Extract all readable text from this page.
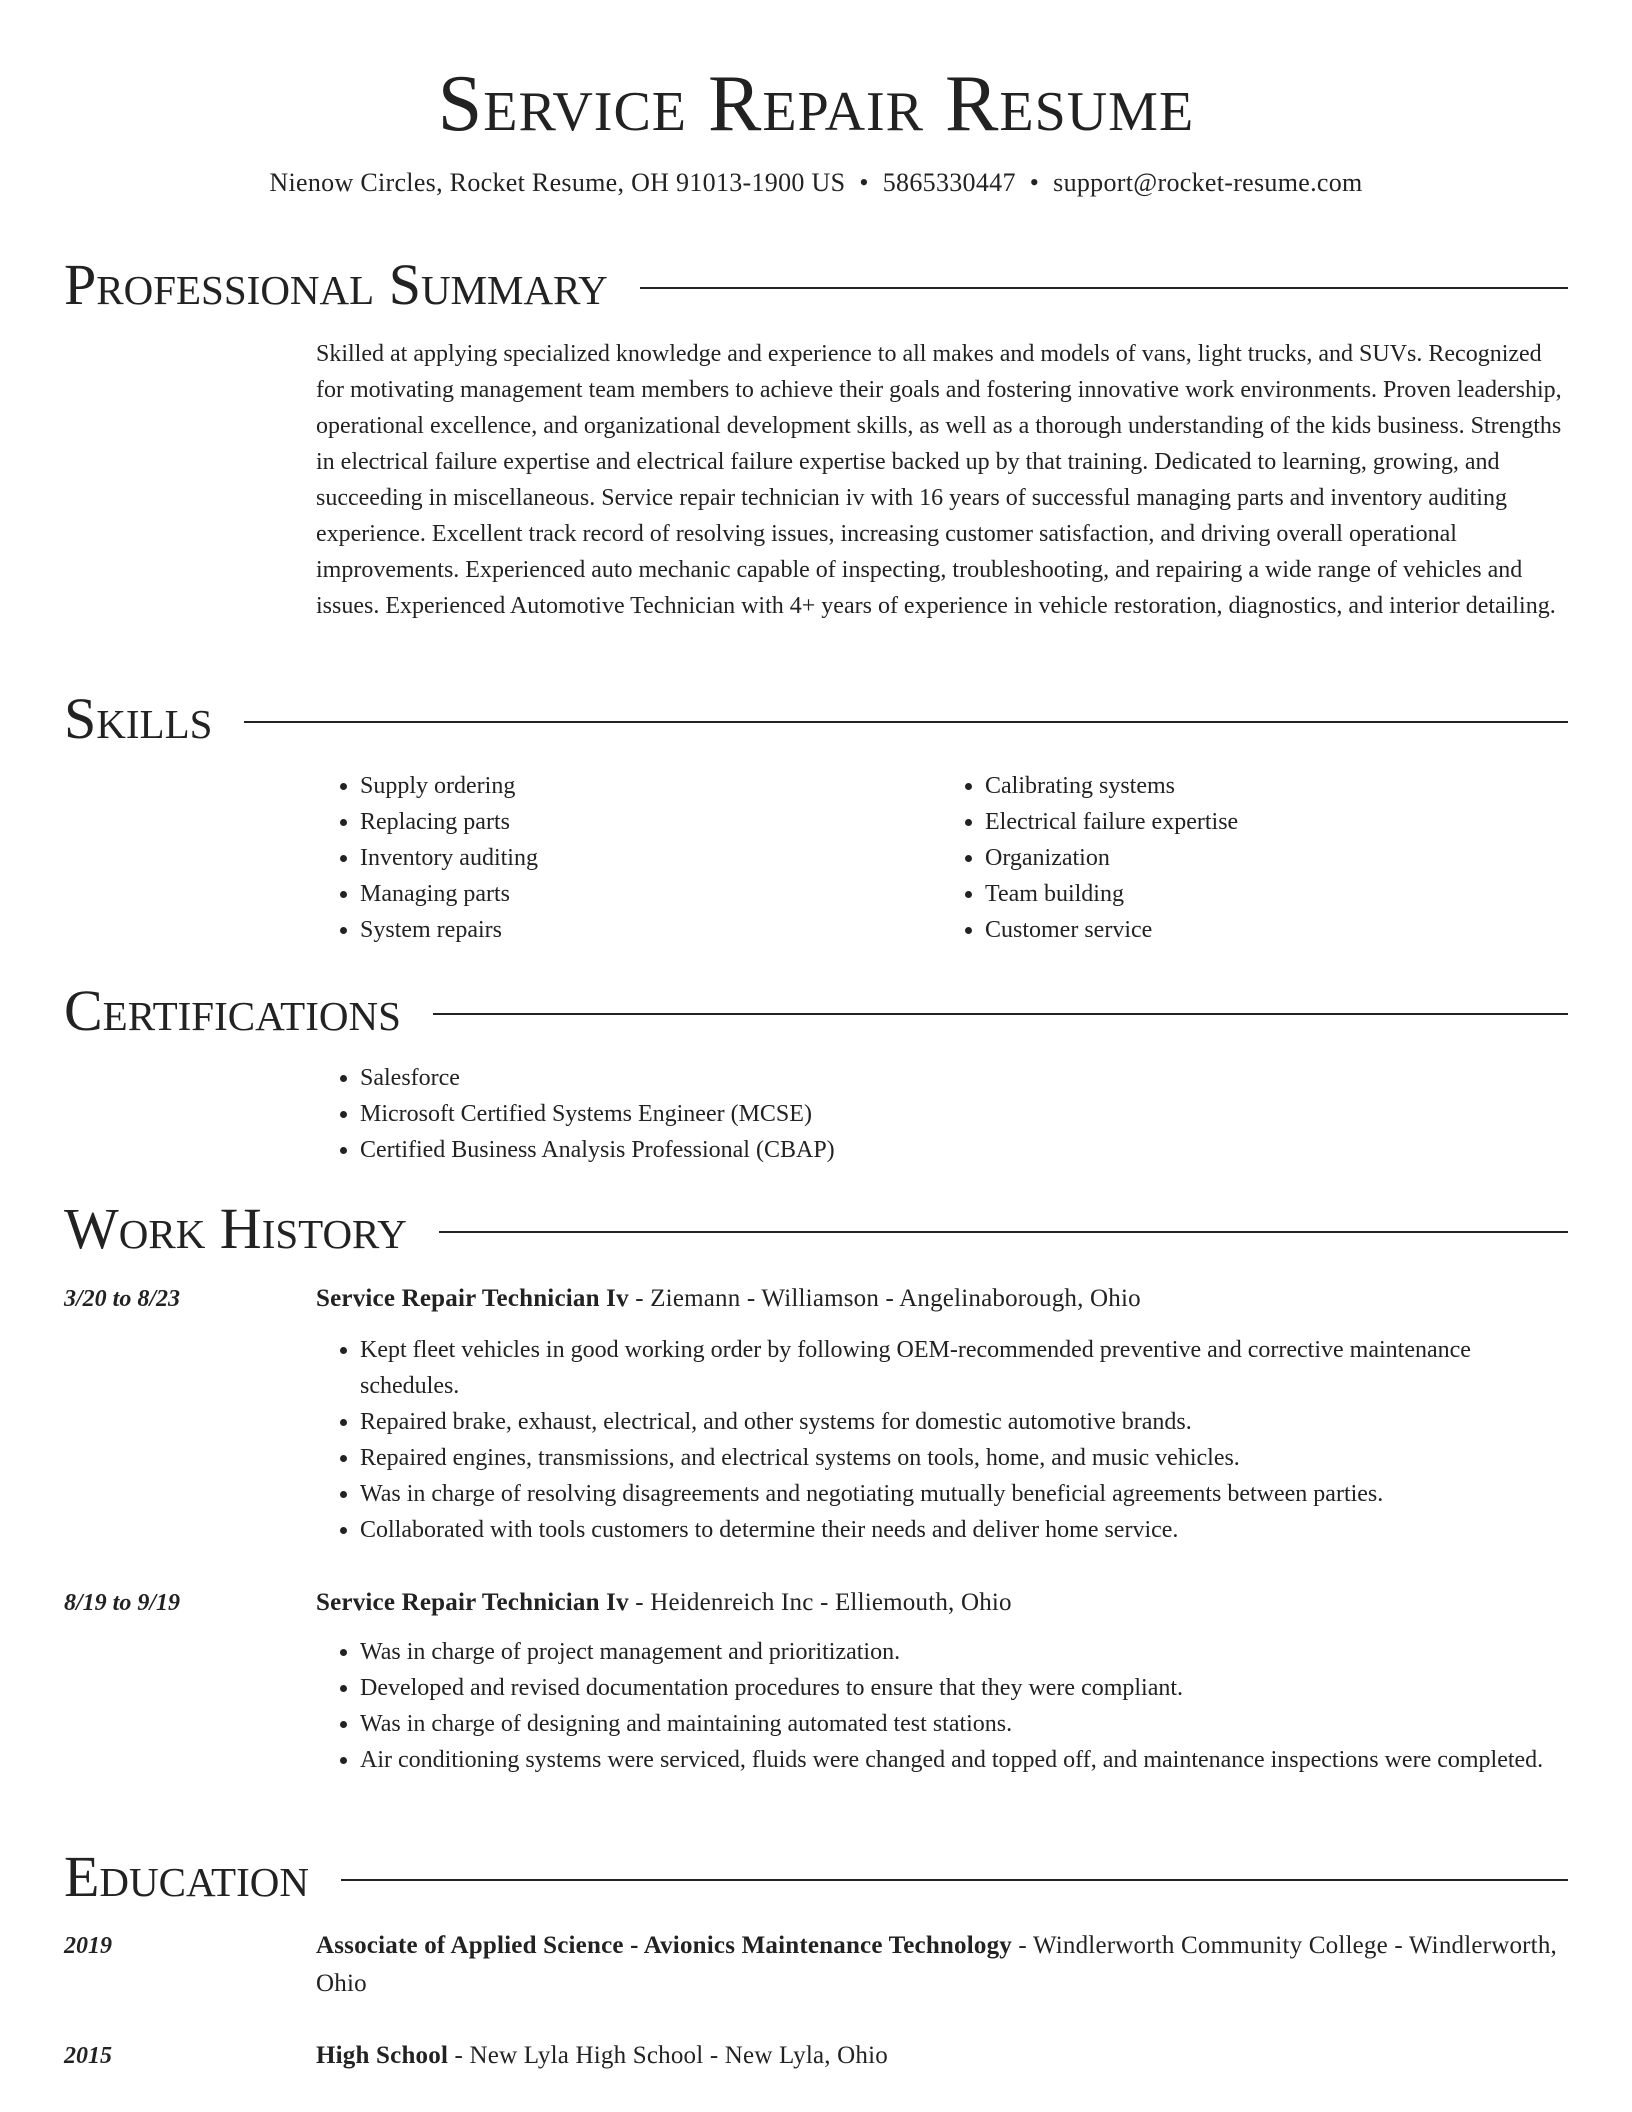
Service Repair Resume
Nienow Circles, Rocket Resume, OH 91013-1900 US • 5865330447 • support@rocket-resume.com
Professional Summary

Skilled at applying specialized knowledge and experience to all makes and models of vans, light trucks, and SUVs. Recognized for motivating management team members to achieve their goals and fostering innovative work environments. Proven leadership, operational excellence, and organizational development skills, as well as a thorough understanding of the kids business. Strengths in electrical failure expertise and electrical failure expertise backed up by that training. Dedicated to learning, growing, and succeeding in miscellaneous. Service repair technician iv with 16 years of successful managing parts and inventory auditing experience. Excellent track record of resolving issues, increasing customer satisfaction, and driving overall operational improvements. Experienced auto mechanic capable of inspecting, troubleshooting, and repairing a wide range of vehicles and issues. Experienced Automotive Technician with 4+ years of experience in vehicle restoration, diagnostics, and interior detailing.

Skills
• Supply ordering
• Replacing parts
• Inventory auditing
• Managing parts
• System repairs
• Calibrating systems
• Electrical failure expertise
• Organization
• Team building
• Customer service
Certifications
• Salesforce
• Microsoft Certified Systems Engineer (MCSE)
• Certified Business Analysis Professional (CBAP)
Work History
3/20 to 8/23	Service Repair Technician Iv - Ziemann - Williamson - Angelinaborough, Ohio
• Kept fleet vehicles in good working order by following OEM-recommended preventive and corrective maintenance schedules.
• Repaired brake, exhaust, electrical, and other systems for domestic automotive brands.
• Repaired engines, transmissions, and electrical systems on tools, home, and music vehicles.
• Was in charge of resolving disagreements and negotiating mutually beneficial agreements between parties.
• Collaborated with tools customers to determine their needs and deliver home service.
8/19 to 9/19	Service Repair Technician Iv - Heidenreich Inc - Elliemouth, Ohio
• Was in charge of project management and prioritization.
• Developed and revised documentation procedures to ensure that they were compliant.
• Was in charge of designing and maintaining automated test stations.
• Air conditioning systems were serviced, fluids were changed and topped off, and maintenance inspections were completed.
Education
2019	Associate of Applied Science - Avionics Maintenance Technology - Windlerworth Community College - Windlerworth, Ohio
2015	High School - New Lyla High School - New Lyla, Ohio
